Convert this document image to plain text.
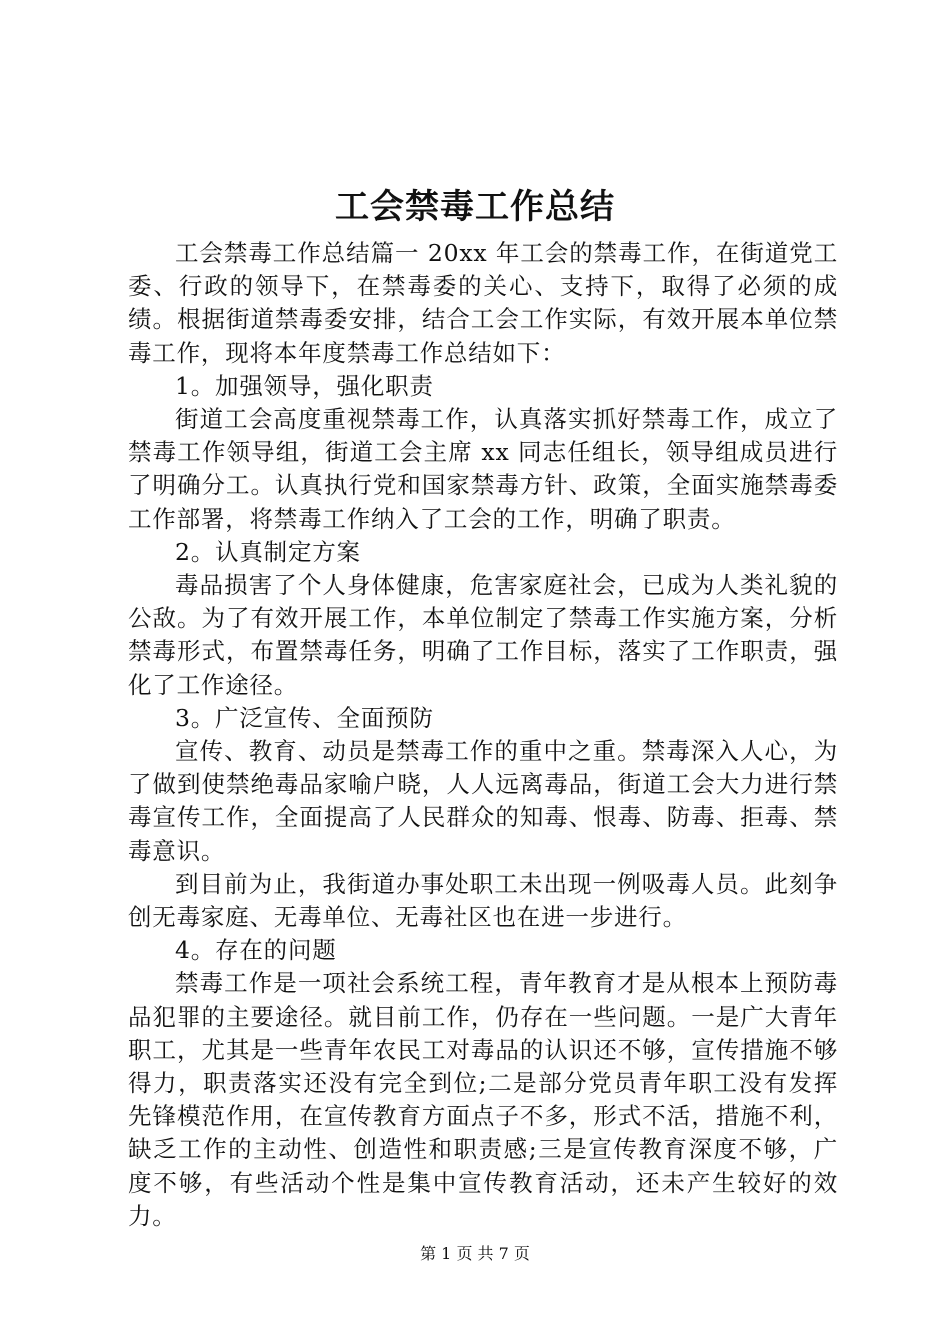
工会禁毒工作总结

工会禁毒工作总结篇一 20xx 年工会的禁毒工作，在街道党工委、行政的领导下，在禁毒委的关心、支持下，取得了必须的成绩。根据街道禁毒委安排，结合工会工作实际，有效开展本单位禁毒工作，现将本年度禁毒工作总结如下：

1。加强领导，强化职责

街道工会高度重视禁毒工作，认真落实抓好禁毒工作，成立了禁毒工作领导组，街道工会主席 xx 同志任组长，领导组成员进行了明确分工。认真执行党和国家禁毒方针、政策，全面实施禁毒委工作部署，将禁毒工作纳入了工会的工作，明确了职责。

2。认真制定方案

毒品损害了个人身体健康，危害家庭社会，已成为人类礼貌的公敌。为了有效开展工作，本单位制定了禁毒工作实施方案，分析禁毒形式，布置禁毒任务，明确了工作目标，落实了工作职责，强化了工作途径。

3。广泛宣传、全面预防

宣传、教育、动员是禁毒工作的重中之重。禁毒深入人心，为了做到使禁绝毒品家喻户晓，人人远离毒品，街道工会大力进行禁毒宣传工作，全面提高了人民群众的知毒、恨毒、防毒、拒毒、禁毒意识。

到目前为止，我街道办事处职工未出现一例吸毒人员。此刻争创无毒家庭、无毒单位、无毒社区也在进一步进行。

4。存在的问题

禁毒工作是一项社会系统工程，青年教育才是从根本上预防毒品犯罪的主要途径。就目前工作，仍存在一些问题。一是广大青年职工，尤其是一些青年农民工对毒品的认识还不够，宣传措施不够得力，职责落实还没有完全到位;二是部分党员青年职工没有发挥先锋模范作用，在宣传教育方面点子不多，形式不活，措施不利，缺乏工作的主动性、创造性和职责感;三是宣传教育深度不够，广度不够，有些活动个性是集中宣传教育活动，还未产生较好的效力。

第 1 页 共 7 页
